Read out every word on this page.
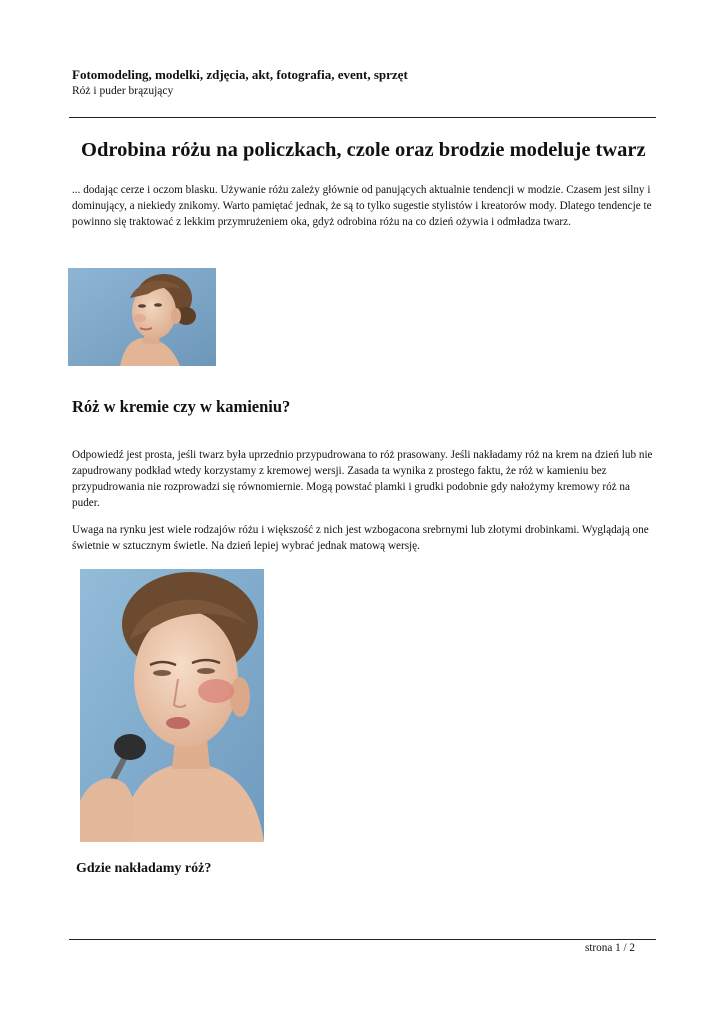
Fotomodeling, modelki, zdjęcia, akt, fotografia, event, sprzęt

Róż i puder brązujący

Odrobina różu na policzkach, czole oraz brodzie modeluje twarz

... dodając cerze i oczom blasku. Używanie różu zależy głównie od panujących aktualnie tendencji w modzie. Czasem jest silny i dominujący, a niekiedy znikomy. Warto pamiętać jednak, że są to tylko sugestie stylistów i kreatorów mody. Dlatego tendencje te powinno się traktować z lekkim przymrużeniem oka, gdyż odrobina różu na co dzień ożywia i odmładza twarz.

Róż w kremie czy w kamieniu?

Odpowiedź jest prosta, jeśli twarz była uprzednio przypudrowana to róż prasowany. Jeśli nakładamy róż na krem na dzień lub nie zapudrowany podkład wtedy korzystamy z kremowej wersji. Zasada ta wynika z prostego faktu, że róż w kamieniu bez przypudrowania nie rozprowadzi się równomiernie. Mogą powstać plamki i grudki podobnie gdy nałożymy kremowy róż na puder.

Uwaga na rynku jest wiele rodzajów różu i większość z nich jest wzbogacona srebrnymi lub złotymi drobinkami. Wyglądają one świetnie w sztucznym świetle. Na dzień lepiej wybrać jednak matową wersję.

Gdzie nakładamy róż?

strona 1 / 2
